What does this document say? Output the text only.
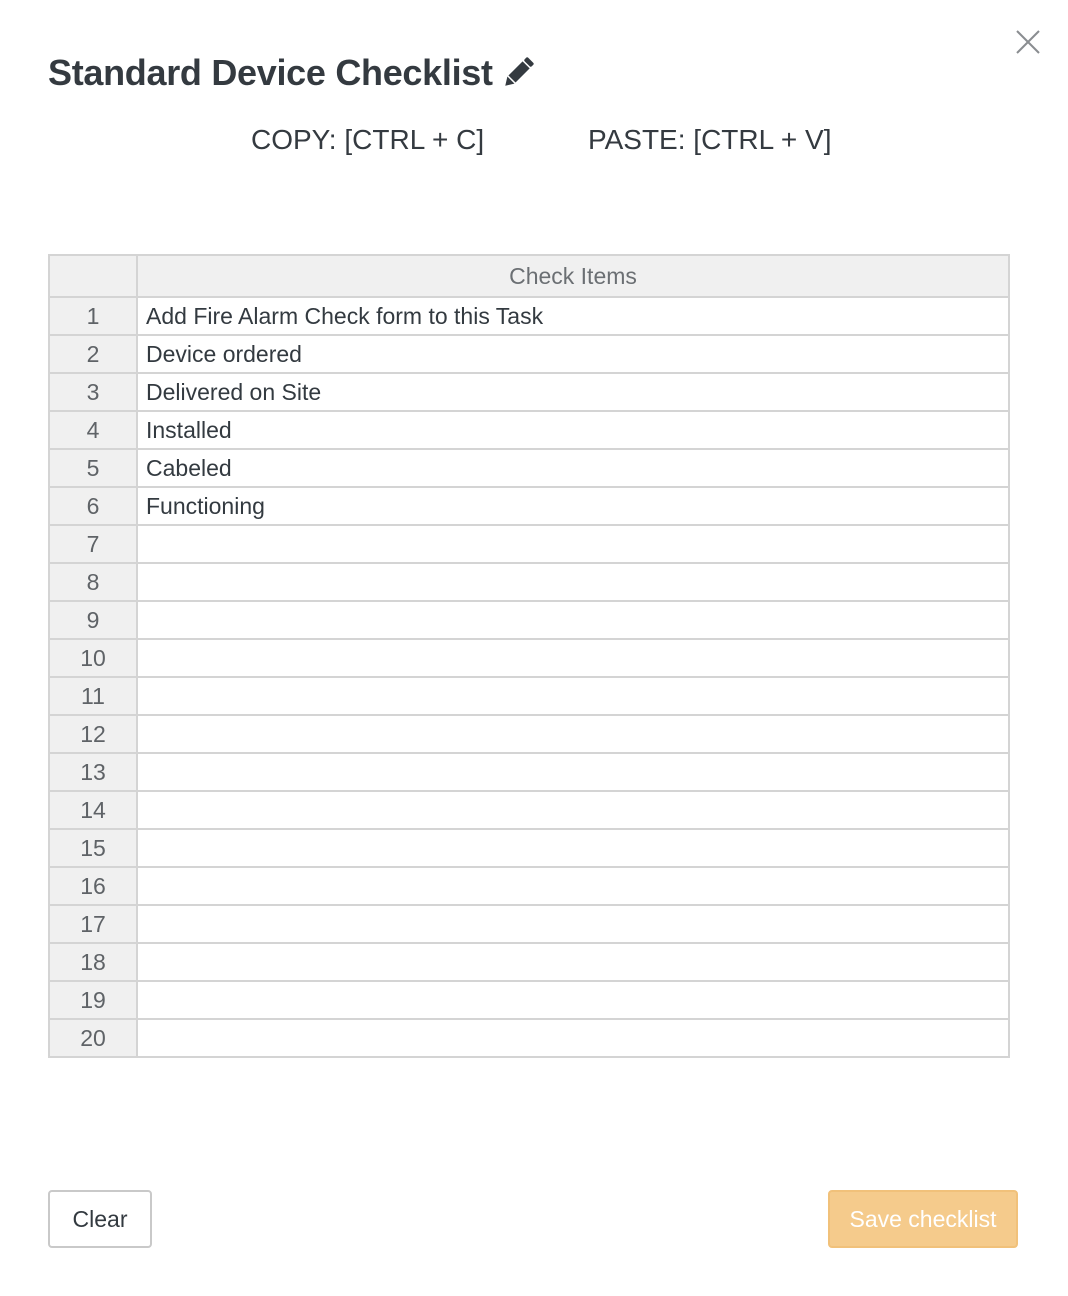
Standard Device Checklist
COPY: [CTRL + C]	PASTE: [CTRL + V]
	Check Items
1	Add Fire Alarm Check form to this Task
2	Device ordered
3	Delivered on Site
4	Installed
5	Cabeled
6	Functioning
7	
8	
9	
10	
11	
12	
13	
14	
15	
16	
17	
18	
19	
20	
Clear	Save checklist
